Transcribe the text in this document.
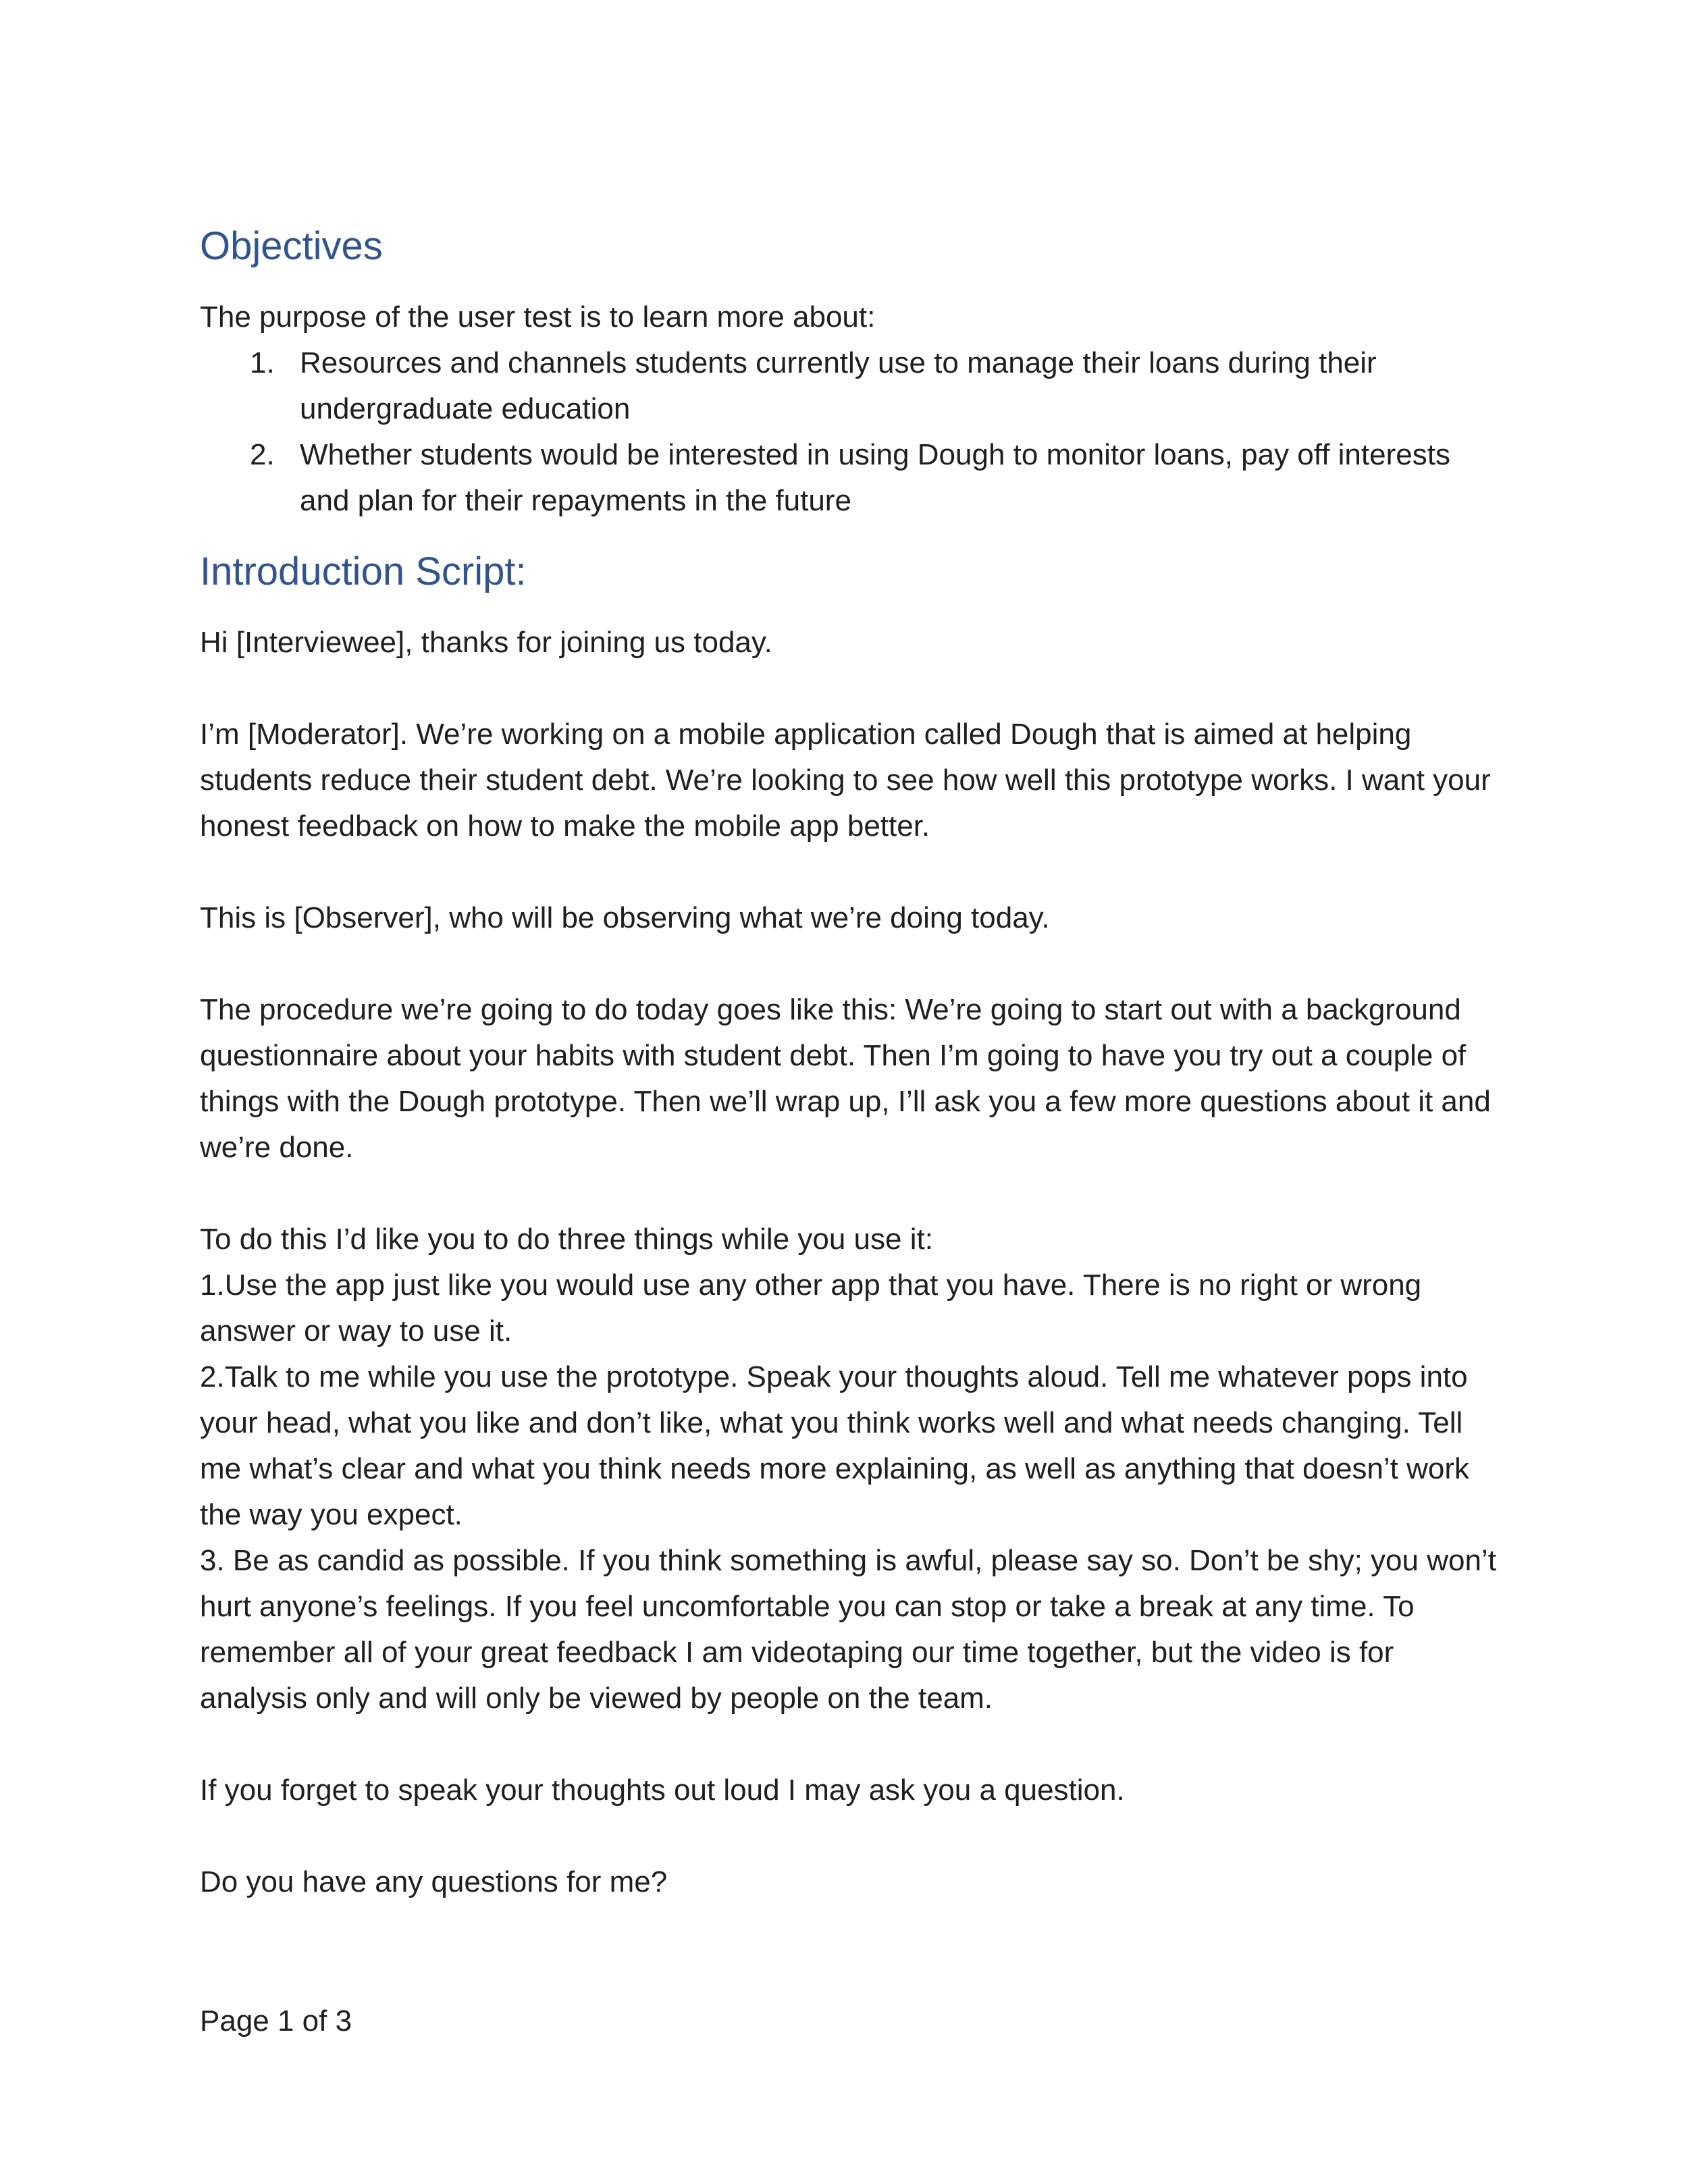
Objectives

The purpose of the user test is to learn more about:

1. Resources and channels students currently use to manage their loans during their undergraduate education
2. Whether students would be interested in using Dough to monitor loans, pay off interests and plan for their repayments in the future
Introduction Script:

Hi [Interviewee], thanks for joining us today.

I’m [Moderator]. We’re working on a mobile application called Dough that is aimed at helping students reduce their student debt. We’re looking to see how well this prototype works. I want your honest feedback on how to make the mobile app better.

This is [Observer], who will be observing what we’re doing today.

The procedure we’re going to do today goes like this: We’re going to start out with a background questionnaire about your habits with student debt. Then I’m going to have you try out a couple of things with the Dough prototype. Then we’ll wrap up, I’ll ask you a few more questions about it and we’re done.

To do this I’d like you to do three things while you use it:

1.Use the app just like you would use any other app that you have. There is no right or wrong answer or way to use it.

2.Talk to me while you use the prototype. Speak your thoughts aloud. Tell me whatever pops into your head, what you like and don’t like, what you think works well and what needs changing. Tell me what’s clear and what you think needs more explaining, as well as anything that doesn’t work the way you expect.

3. Be as candid as possible. If you think something is awful, please say so. Don’t be shy; you won’t hurt anyone’s feelings. If you feel uncomfortable you can stop or take a break at any time. To remember all of your great feedback I am videotaping our time together, but the video is for analysis only and will only be viewed by people on the team.

If you forget to speak your thoughts out loud I may ask you a question.

Do you have any questions for me?

Page 1 of 3
